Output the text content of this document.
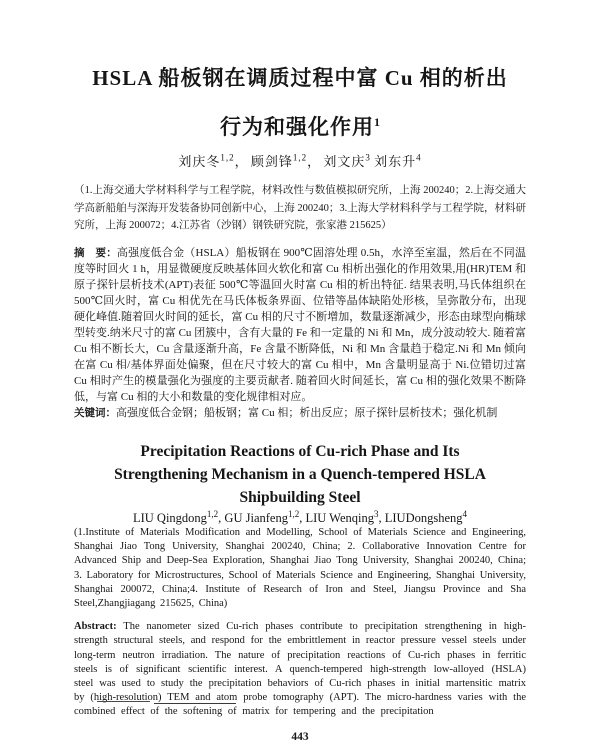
HSLA 船板钢在调质过程中富 Cu 相的析出
行为和强化作用$^1$
刘庆冬$^{1,2}$， 顾剑锋$^{1,2}$， 刘文庆$^3$ 刘东升$^4$

（1.上海交通大学材料科学与工程学院，材料改性与数值模拟研究所，上海 200240；2.上海交通大学高新船舶与深海开发装备协同创新中心，上海 200240；3.上海大学材料科学与工程学院，材料研究所，上海 200072；4.江苏省（沙钢）钢铁研究院，张家港 215625）

摘　要：高强度低合金（HSLA）船板钢在 900℃固溶处理 0.5h，水淬至室温，然后在不同温度等时回火 1 h，用显微硬度反映基体回火软化和富 Cu 相析出强化的作用效果,用(HR)TEM 和原子探针层析技术(APT)表征 500℃等温回火时富 Cu 相的析出特征. 结果表明,马氏体组织在 500℃回火时，富 Cu 相优先在马氏体板条界面、位错等晶体缺陷处形核，呈弥散分布，出现硬化峰值.随着回火时间的延长，富 Cu 相的尺寸不断增加，数量逐渐减少，形态由球型向椭球型转变.纳米尺寸的富 Cu 团簇中，含有大量的 Fe 和一定量的 Ni 和 Mn，成分波动较大. 随着富 Cu 相不断长大，Cu 含量逐渐升高，Fe 含量不断降低，Ni 和 Mn 含量趋于稳定.Ni 和 Mn 倾向在富 Cu 相/基体界面处偏聚，但在尺寸较大的富 Cu 相中，Mn 含量明显高于 Ni.位错切过富 Cu 相时产生的模量强化为强度的主要贡献者. 随着回火时间延长，富 Cu 相的强化效果不断降低，与富 Cu 相的大小和数量的变化规律相对应。

关键词：高强度低合金钢；船板钢；富 Cu 相；析出反应；原子探针层析技术；强化机制

Precipitation Reactions of Cu-rich Phase and Its
Strengthening Mechanism in a Quench-tempered HSLA
Shipbuilding Steel
LIU Qingdong$^{1,2}$, GU Jianfeng$^{1,2}$, LIU Wenqing$^3$, LIUDongsheng$^4$

(1.Institute of Materials Modification and Modelling, School of Materials Science and Engineering, Shanghai Jiao Tong University, Shanghai 200240, China; 2. Collaborative Innovation Centre for Advanced Ship and Deep-Sea Exploration, Shanghai Jiao Tong University, Shanghai 200240, China; 3. Laboratory for Microstructures, School of Materials Science and Engineering, Shanghai University, Shanghai 200072, China;4. Institute of Research of Iron and Steel, Jiangsu Province and Sha Steel,Zhangjiagang 215625, China)

Abstract: The nanometer sized Cu-rich phases contribute to precipitation strengthening in high-strength structural steels, and respond for the embrittlement in reactor pressure vessel steels under long-term neutron irradiation. The nature of precipitation reactions of Cu-rich phases in ferritic steels is of significant scientific interest. A quench-tempered high-strength low-alloyed (HSLA) steel was used to study the precipitation behaviors of Cu-rich phases in initial martensitic matrix by (high-resolution) TEM and atom probe tomography (APT). The micro-hardness varies with the combined effect of the softening of matrix for tempering and the precipitation

443
